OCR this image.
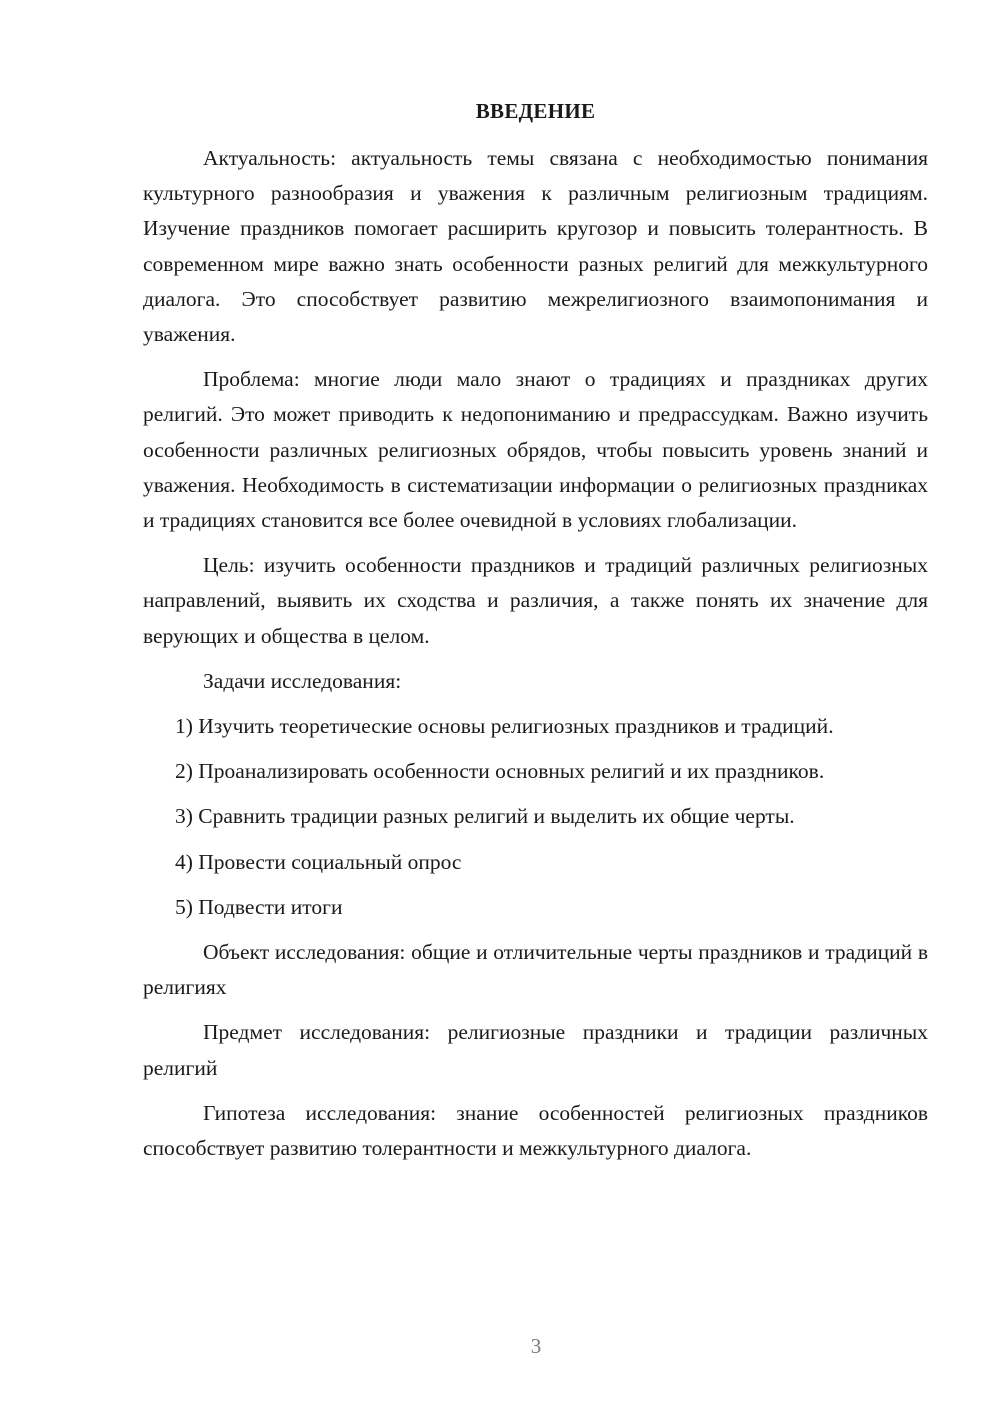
ВВЕДЕНИЕ

Актуальность: актуальность темы связана с необходимостью понимания культурного разнообразия и уважения к различным религиозным традициям. Изучение праздников помогает расширить кругозор и повысить толерантность. В современном мире важно знать особенности разных религий для межкультурного диалога. Это способствует развитию межрелигиозного взаимопонимания и уважения.

Проблема: многие люди мало знают о традициях и праздниках других религий. Это может приводить к недопониманию и предрассудкам. Важно изучить особенности различных религиозных обрядов, чтобы повысить уровень знаний и уважения. Необходимость в систематизации информации о религиозных праздниках и традициях становится все более очевидной в условиях глобализации.

Цель: изучить особенности праздников и традиций различных религиозных направлений, выявить их сходства и различия, а также понять их значение для верующих и общества в целом.

Задачи исследования:

1) Изучить теоретические основы религиозных праздников и традиций.

2) Проанализировать особенности основных религий и их праздников.

3) Сравнить традиции разных религий и выделить их общие черты.

4) Провести социальный опрос

5) Подвести итоги

Объект исследования: общие и отличительные черты праздников и традиций в религиях

Предмет исследования: религиозные праздники и традиции различных религий

Гипотеза исследования: знание особенностей религиозных праздников способствует развитию толерантности и межкультурного диалога.

3
